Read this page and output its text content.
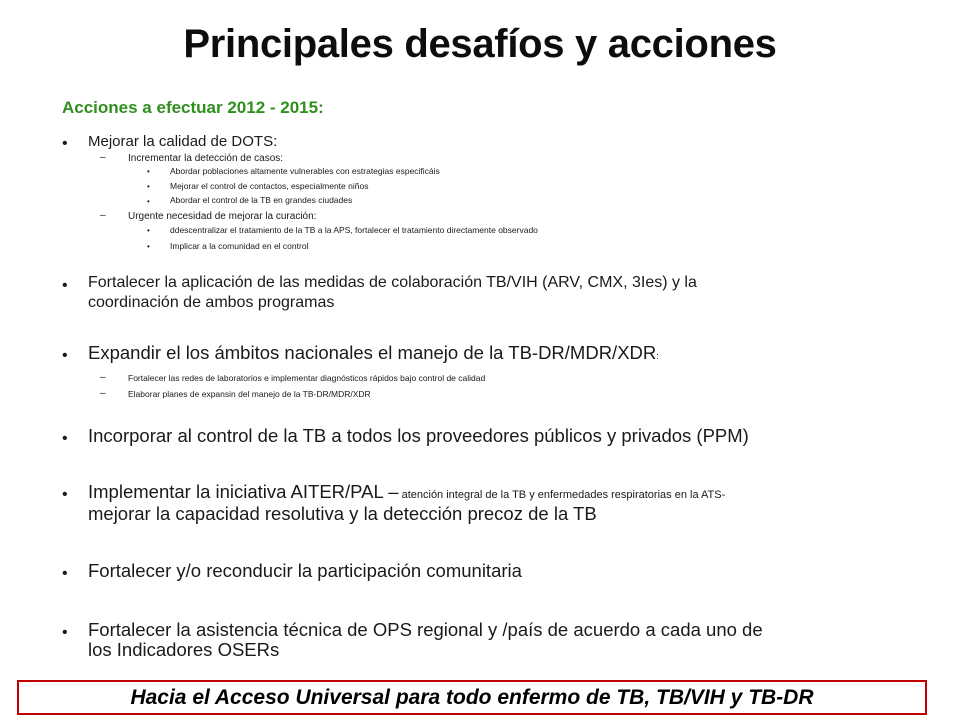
Principales desafíos y acciones
Acciones a efectuar 2012 - 2015:
• Mejorar la calidad de DOTS:
– Incrementar la detección de casos:
• Abordar poblaciones altamente vulnerables con estrategias especificáis
• Mejorar el control de contactos, especialmente niños
• Abordar el control de la TB en grandes ciudades
– Urgente necesidad de mejorar la curación:
• ddescentralizar el tratamiento de la TB a la APS, fortalecer el tratamiento directamente observado
• Implicar a la comunidad en el control
• Fortalecer la aplicación de las medidas de colaboración TB/VIH (ARV, CMX, 3Ies) y la
coordinación de ambos programas
• Expandir el los ámbitos nacionales el manejo de la TB-DR/MDR/XDR:
–	Fortalecer las redes de laboratorios e implementar diagnósticos rápidos bajo control de calidad
–	Elaborar planes de expansin del manejo de la TB-DR/MDR/XDR
• Incorporar al control de la TB a todos los proveedores públicos y privados (PPM)
• Implementar la iniciativa AITER/PAL – atención integral de la TB y enfermedades respiratorias en la ATS-
mejorar la capacidad resolutiva y la detección precoz de la TB
• Fortalecer y/o reconducir la participación comunitaria
• Fortalecer la asistencia técnica de OPS regional y /país de acuerdo a cada uno de
los Indicadores OSERs
Hacia el Acceso Universal para todo enfermo de TB, TB/VIH y TB-DR
